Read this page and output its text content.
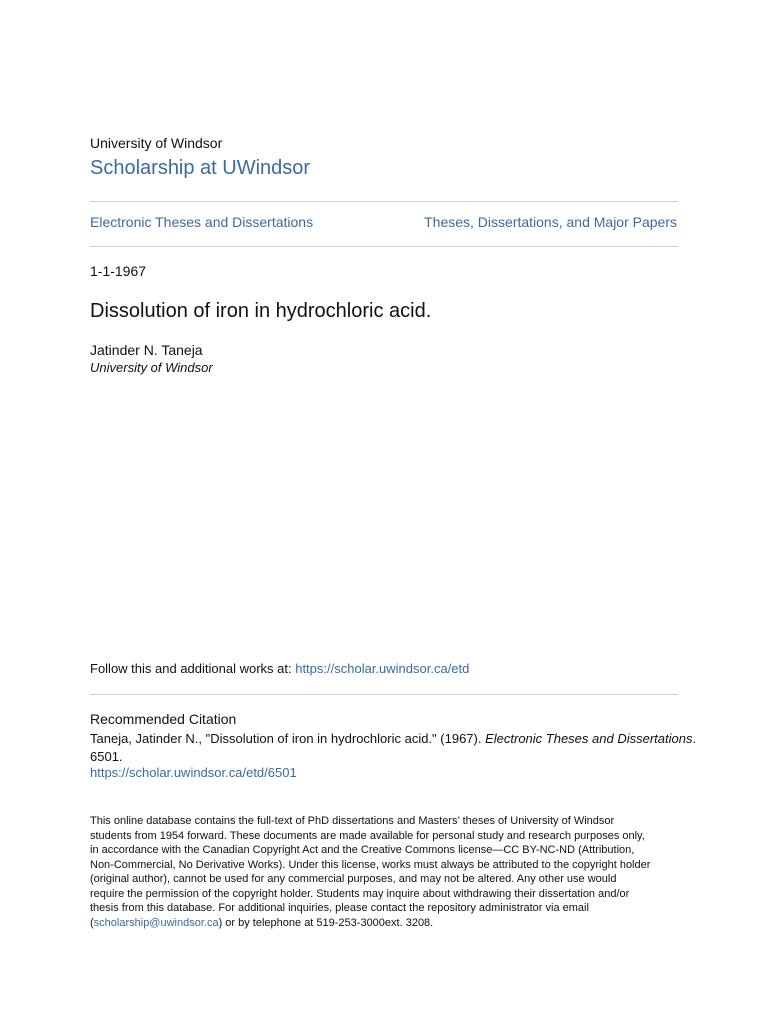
University of Windsor
Scholarship at UWindsor
Electronic Theses and Dissertations	Theses, Dissertations, and Major Papers
1-1-1967
Dissolution of iron in hydrochloric acid.
Jatinder N. Taneja
University of Windsor
Follow this and additional works at: https://scholar.uwindsor.ca/etd
Recommended Citation
Taneja, Jatinder N., "Dissolution of iron in hydrochloric acid." (1967). Electronic Theses and Dissertations.
6501.
https://scholar.uwindsor.ca/etd/6501
This online database contains the full-text of PhD dissertations and Masters’ theses of University of Windsor
students from 1954 forward. These documents are made available for personal study and research purposes only,
in accordance with the Canadian Copyright Act and the Creative Commons license—CC BY-NC-ND (Attribution,
Non-Commercial, No Derivative Works). Under this license, works must always be attributed to the copyright holder
(original author), cannot be used for any commercial purposes, and may not be altered. Any other use would
require the permission of the copyright holder. Students may inquire about withdrawing their dissertation and/or
thesis from this database. For additional inquiries, please contact the repository administrator via email
(scholarship@uwindsor.ca) or by telephone at 519-253-3000ext. 3208.
